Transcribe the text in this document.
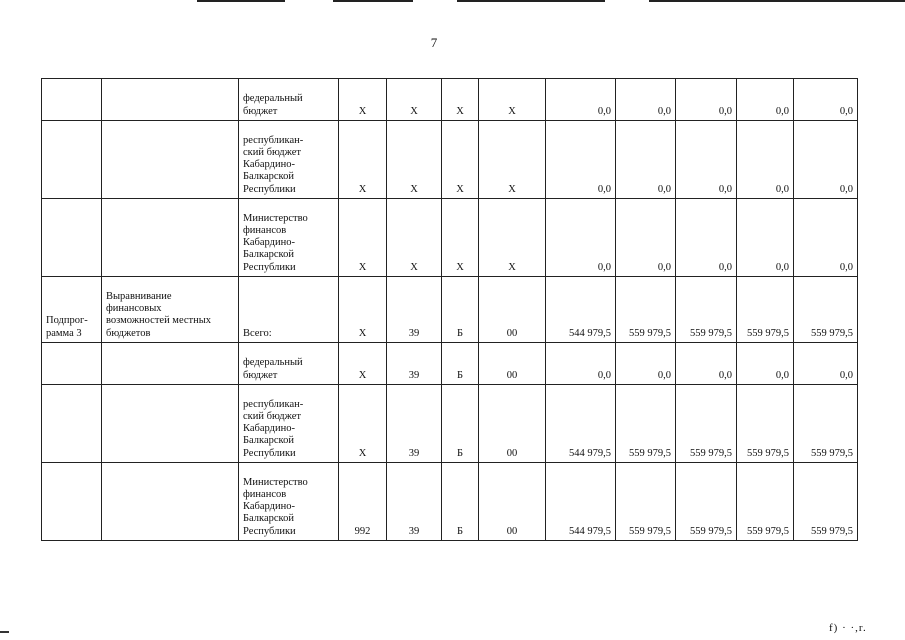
7
		федеральный
бюджет	Х	Х	Х	Х	0,0	0,0	0,0	0,0	0,0
		республикан-
ский бюджет
Кабардино-
Балкарской
Республики	Х	Х	Х	Х	0,0	0,0	0,0	0,0	0,0
		Министерство
финансов
Кабардино-
Балкарской
Республики	Х	Х	Х	Х	0,0	0,0	0,0	0,0	0,0
Подпрог-
рамма 3	Выравнивание
финансовых
возможностей местных
бюджетов	Всего:	Х	39	Б	00	544 979,5	559 979,5	559 979,5	559 979,5	559 979,5
		федеральный
бюджет	Х	39	Б	00	0,0	0,0	0,0	0,0	0,0
		республикан-
ский бюджет
Кабардино-
Балкарской
Республики	Х	39	Б	00	544 979,5	559 979,5	559 979,5	559 979,5	559 979,5
		Министерство
финансов
Кабардино-
Балкарской
Республики	992	39	Б	00	544 979,5	559 979,5	559 979,5	559 979,5	559 979,5
f) · ·,r.
